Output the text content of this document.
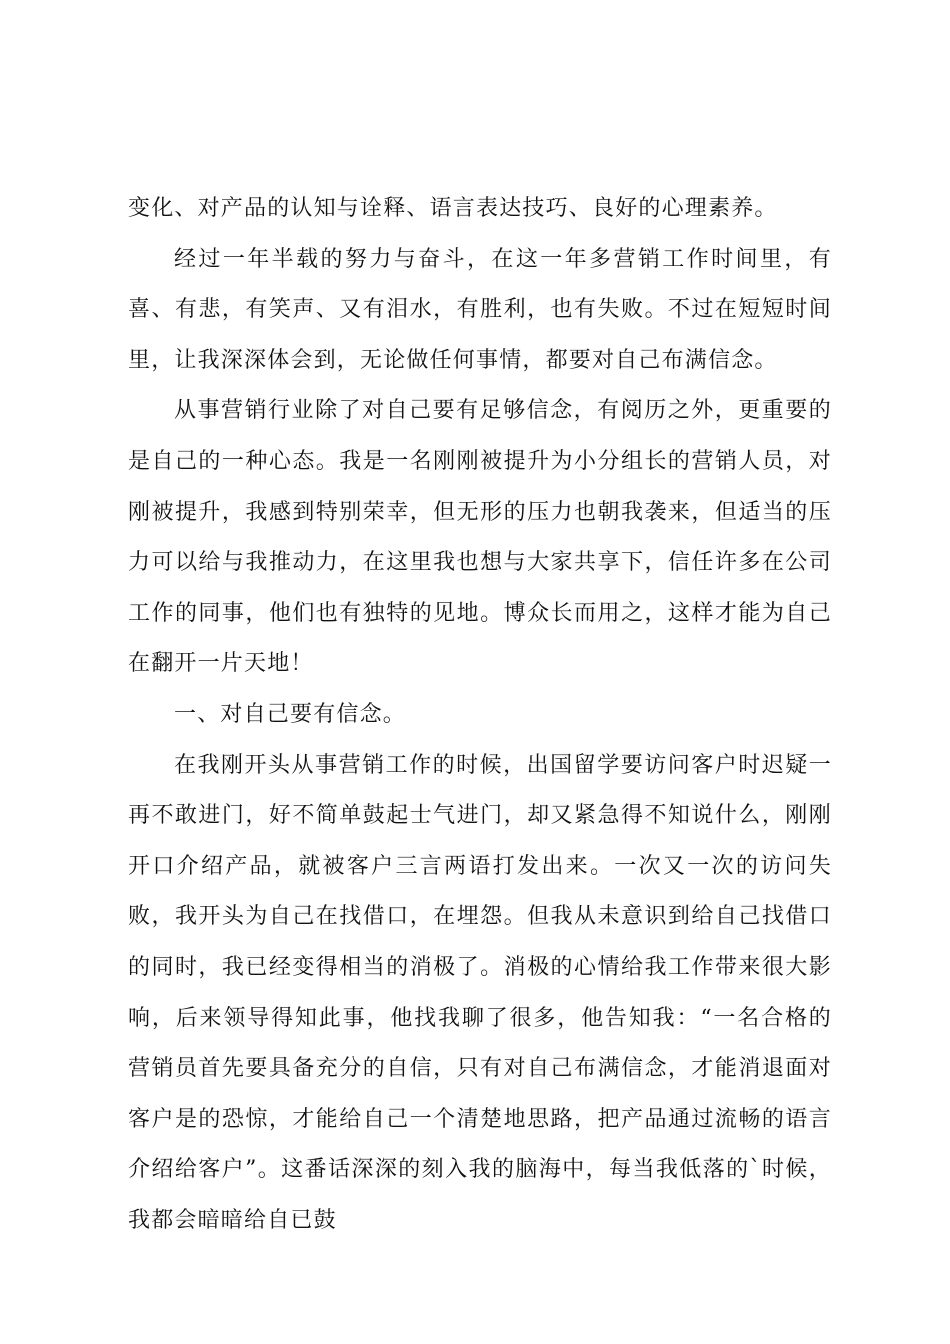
变化、对产品的认知与诠释、语言表达技巧、良好的心理素养。

经过一年半载的努力与奋斗，在这一年多营销工作时间里，有喜、有悲，有笑声、又有泪水，有胜利，也有失败。不过在短短时间里，让我深深体会到，无论做任何事情，都要对自己布满信念。

从事营销行业除了对自己要有足够信念，有阅历之外，更重要的是自己的一种心态。我是一名刚刚被提升为小分组长的营销人员，对刚被提升，我感到特别荣幸，但无形的压力也朝我袭来，但适当的压力可以给与我推动力，在这里我也想与大家共享下，信任许多在公司工作的同事，他们也有独特的见地。博众长而用之，这样才能为自己在翻开一片天地！

一、对自己要有信念。

在我刚开头从事营销工作的时候，出国留学要访问客户时迟疑一再不敢进门，好不简单鼓起士气进门，却又紧急得不知说什么，刚刚开口介绍产品，就被客户三言两语打发出来。一次又一次的访问失败，我开头为自己在找借口，在埋怨。但我从未意识到给自己找借口的同时，我已经变得相当的消极了。消极的心情给我工作带来很大影响，后来领导得知此事，他找我聊了很多，他告知我：“一名合格的营销员首先要具备充分的自信，只有对自己布满信念，才能消退面对客户是的恐惊，才能给自己一个清楚地思路，把产品通过流畅的语言介绍给客户”。这番话深深的刻入我的脑海中，每当我低落的`时候，我都会暗暗给自已鼓
